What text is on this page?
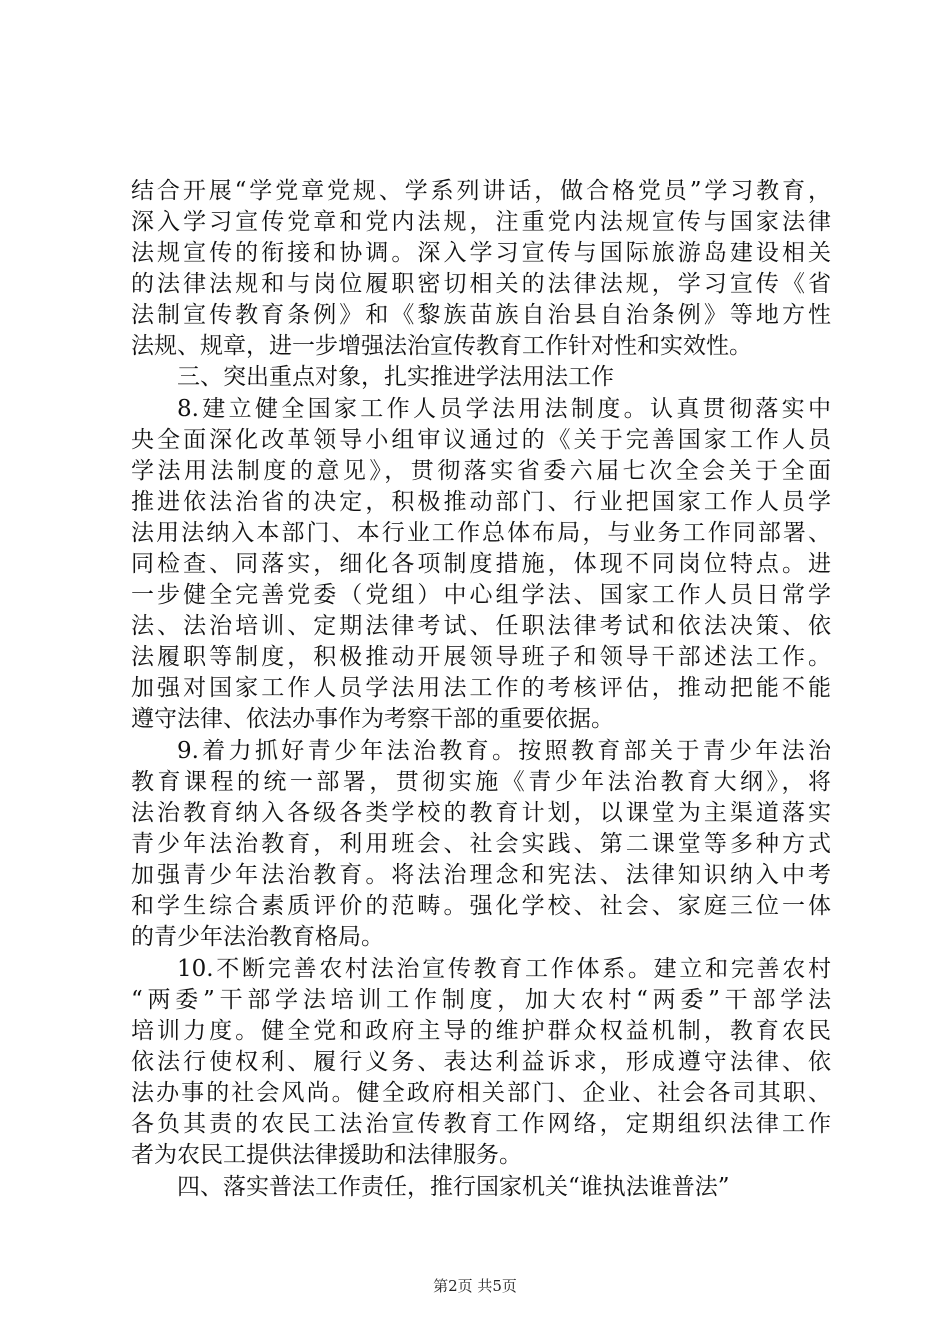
结合开展“学党章党规、学系列讲话，做合格党员”学习教育，
深入学习宣传党章和党内法规，注重党内法规宣传与国家法律
法规宣传的衔接和协调。深入学习宣传与国际旅游岛建设相关
的法律法规和与岗位履职密切相关的法律法规，学习宣传《省
法制宣传教育条例》和《黎族苗族自治县自治条例》等地方性
法规、规章，进一步增强法治宣传教育工作针对性和实效性。
三、突出重点对象，扎实推进学法用法工作
8.建立健全国家工作人员学法用法制度。认真贯彻落实中
央全面深化改革领导小组审议通过的《关于完善国家工作人员
学法用法制度的意见》，贯彻落实省委六届七次全会关于全面
推进依法治省的决定，积极推动部门、行业把国家工作人员学
法用法纳入本部门、本行业工作总体布局，与业务工作同部署、
同检查、同落实，细化各项制度措施，体现不同岗位特点。进
一步健全完善党委（党组）中心组学法、国家工作人员日常学
法、法治培训、定期法律考试、任职法律考试和依法决策、依
法履职等制度，积极推动开展领导班子和领导干部述法工作。
加强对国家工作人员学法用法工作的考核评估，推动把能不能
遵守法律、依法办事作为考察干部的重要依据。
9.着力抓好青少年法治教育。按照教育部关于青少年法治
教育课程的统一部署，贯彻实施《青少年法治教育大纲》，将
法治教育纳入各级各类学校的教育计划，以课堂为主渠道落实
青少年法治教育，利用班会、社会实践、第二课堂等多种方式
加强青少年法治教育。将法治理念和宪法、法律知识纳入中考
和学生综合素质评价的范畴。强化学校、社会、家庭三位一体
的青少年法治教育格局。
10.不断完善农村法治宣传教育工作体系。建立和完善农村
“两委”干部学法培训工作制度，加大农村“两委”干部学法
培训力度。健全党和政府主导的维护群众权益机制，教育农民
依法行使权利、履行义务、表达利益诉求，形成遵守法律、依
法办事的社会风尚。健全政府相关部门、企业、社会各司其职、
各负其责的农民工法治宣传教育工作网络，定期组织法律工作
者为农民工提供法律援助和法律服务。
四、落实普法工作责任，推行国家机关“谁执法谁普法”
第2页 共5页
